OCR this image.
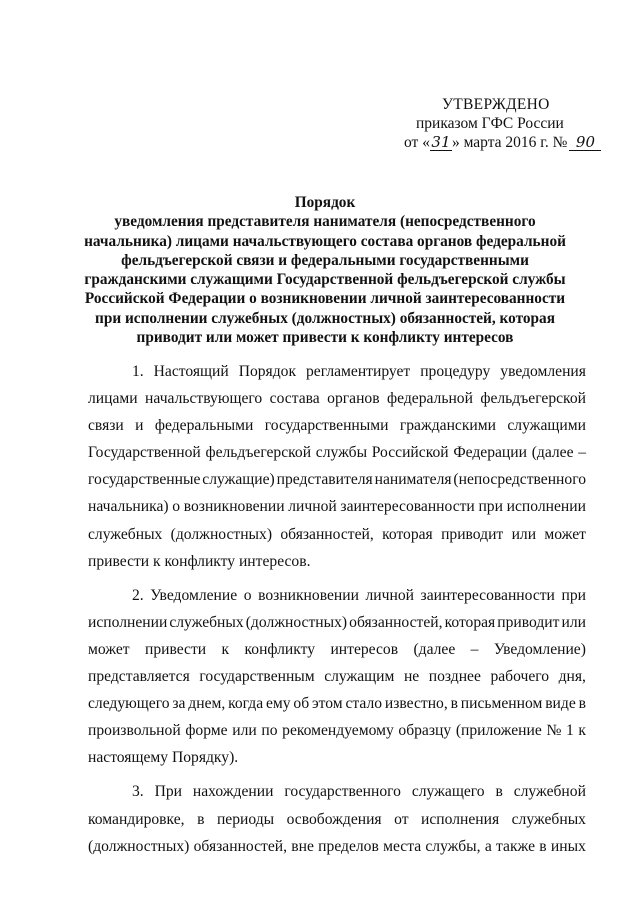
УТВЕРЖДЕНО
приказом ГФС России
от «31» марта 2016 г. № 90
Порядок
уведомления представителя нанимателя (непосредственного
начальника) лицами начальствующего состава органов федеральной
фельдъегерской связи и федеральными государственными
гражданскими служащими Государственной фельдъегерской службы
Российской Федерации о возникновении личной заинтересованности
при исполнении служебных (должностных) обязанностей, которая
приводит или может привести к конфликту интересов
1. Настоящий Порядок регламентирует процедуру уведомления
лицами начальствующего состава органов федеральной фельдъегерской
связи и федеральными государственными гражданскими служащими
Государственной фельдъегерской службы Российской Федерации (далее –
государственные служащие) представителя нанимателя (непосредственного
начальника) о возникновении личной заинтересованности при исполнении
служебных (должностных) обязанностей, которая приводит или может
привести к конфликту интересов.
2. Уведомление о возникновении личной заинтересованности при
исполнении служебных (должностных) обязанностей, которая приводит или
может привести к конфликту интересов (далее – Уведомление)
представляется государственным служащим не позднее рабочего дня,
следующего за днем, когда ему об этом стало известно, в письменном виде в
произвольной форме или по рекомендуемому образцу (приложение № 1 к
настоящему Порядку).
3. При нахождении государственного служащего в служебной
командировке, в периоды освобождения от исполнения служебных
(должностных) обязанностей, вне пределов места службы, а также в иных
